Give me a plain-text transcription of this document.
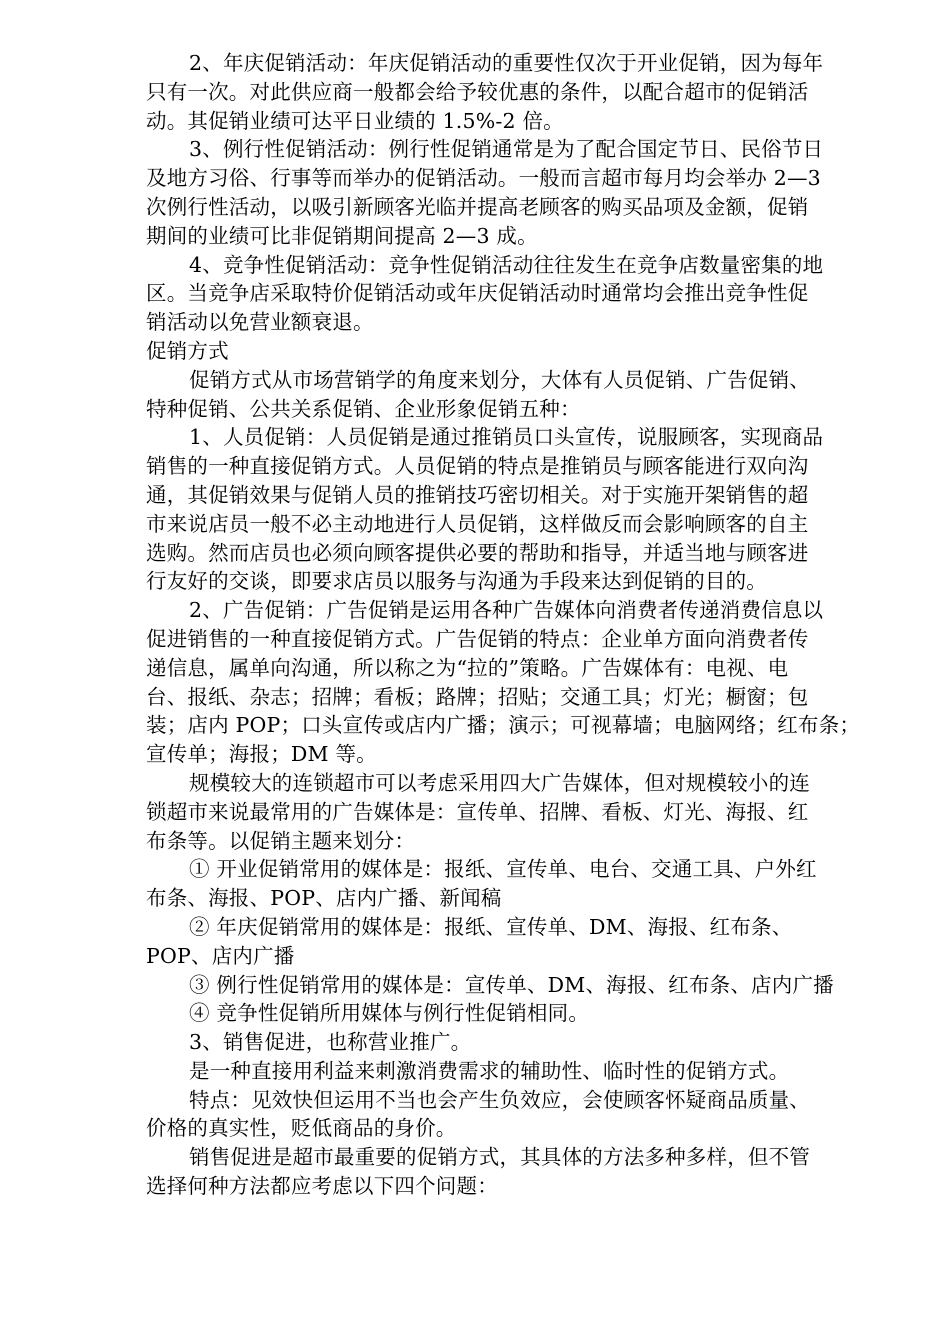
2、年庆促销活动：年庆促销活动的重要性仅次于开业促销，因为每年
只有一次。对此供应商一般都会给予较优惠的条件，以配合超市的促销活
动。其促销业绩可达平日业绩的 1.5%-2 倍。
3、例行性促销活动：例行性促销通常是为了配合国定节日、民俗节日
及地方习俗、行事等而举办的促销活动。一般而言超市每月均会举办 2—3
次例行性活动，以吸引新顾客光临并提高老顾客的购买品项及金额，促销
期间的业绩可比非促销期间提高 2—3 成。
4、竞争性促销活动：竞争性促销活动往往发生在竞争店数量密集的地
区。当竞争店采取特价促销活动或年庆促销活动时通常均会推出竞争性促
销活动以免营业额衰退。
促销方式
促销方式从市场营销学的角度来划分，大体有人员促销、广告促销、
特种促销、公共关系促销、企业形象促销五种：
1、人员促销：人员促销是通过推销员口头宣传，说服顾客，实现商品
销售的一种直接促销方式。人员促销的特点是推销员与顾客能进行双向沟
通，其促销效果与促销人员的推销技巧密切相关。对于实施开架销售的超
市来说店员一般不必主动地进行人员促销，这样做反而会影响顾客的自主
选购。然而店员也必须向顾客提供必要的帮助和指导，并适当地与顾客进
行友好的交谈，即要求店员以服务与沟通为手段来达到促销的目的。
2、广告促销：广告促销是运用各种广告媒体向消费者传递消费信息以
促进销售的一种直接促销方式。广告促销的特点：企业单方面向消费者传
递信息，属单向沟通，所以称之为“拉的”策略。广告媒体有：电视、电
台、报纸、杂志；招牌；看板；路牌；招贴；交通工具；灯光；橱窗；包
装；店内 POP；口头宣传或店内广播；演示；可视幕墙；电脑网络；红布条；
宣传单；海报；DM 等。
规模较大的连锁超市可以考虑采用四大广告媒体，但对规模较小的连
锁超市来说最常用的广告媒体是：宣传单、招牌、看板、灯光、海报、红
布条等。以促销主题来划分：
① 开业促销常用的媒体是：报纸、宣传单、电台、交通工具、户外红
布条、海报、POP、店内广播、新闻稿
② 年庆促销常用的媒体是：报纸、宣传单、DM、海报、红布条、
POP、店内广播
③ 例行性促销常用的媒体是：宣传单、DM、海报、红布条、店内广播
④ 竞争性促销所用媒体与例行性促销相同。
3、销售促进，也称营业推广。
是一种直接用利益来刺激消费需求的辅助性、临时性的促销方式。
特点：见效快但运用不当也会产生负效应，会使顾客怀疑商品质量、
价格的真实性，贬低商品的身价。
销售促进是超市最重要的促销方式，其具体的方法多种多样，但不管
选择何种方法都应考虑以下四个问题：
